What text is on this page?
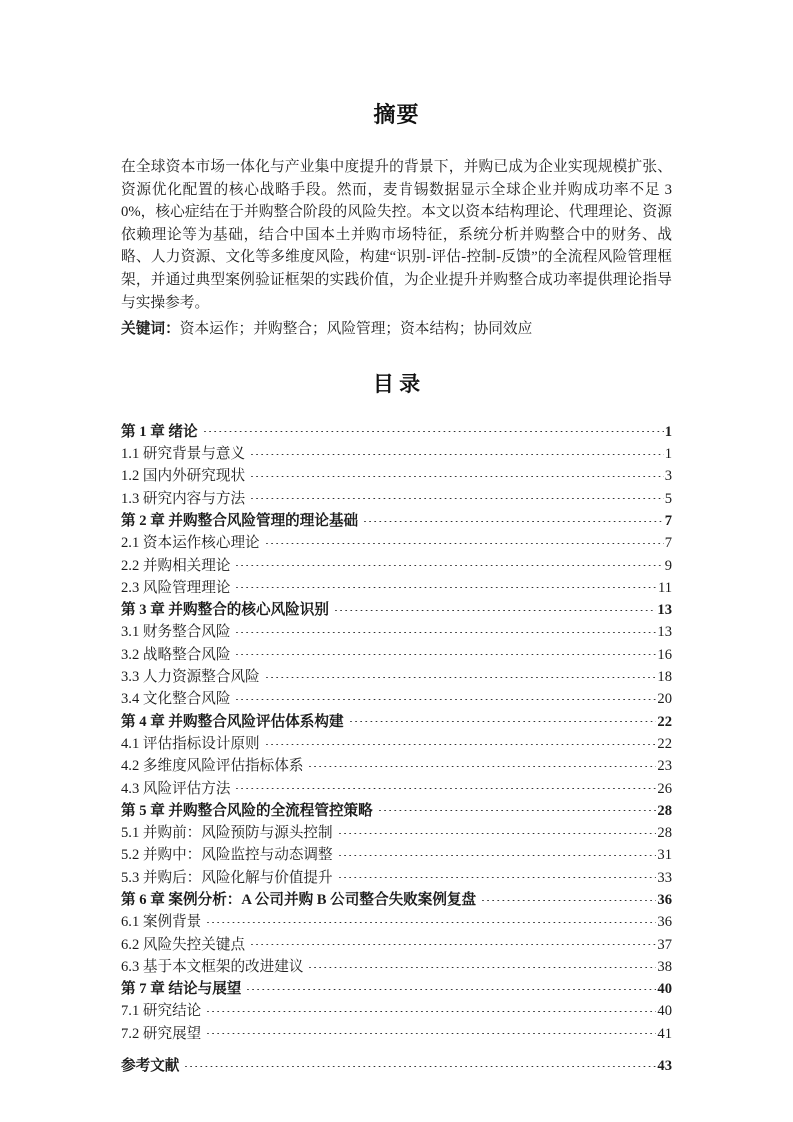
摘要

在全球资本市场一体化与产业集中度提升的背景下，并购已成为企业实现规模扩张、资源优化配置的核心战略手段。然而，麦肯锡数据显示全球企业并购成功率不足 30%，核心症结在于并购整合阶段的风险失控。本文以资本结构理论、代理理论、资源依赖理论等为基础，结合中国本土并购市场特征，系统分析并购整合中的财务、战略、人力资源、文化等多维度风险，构建“识别-评估-控制-反馈”的全流程风险管理框架，并通过典型案例验证框架的实践价值，为企业提升并购整合成功率提供理论指导与实操参考。

关键词：资本运作；并购整合；风险管理；资本结构；协同效应

目 录
第 1 章 绪论	1
1.1 研究背景与意义	1
1.2 国内外研究现状	3
1.3 研究内容与方法	5
第 2 章 并购整合风险管理的理论基础	7
2.1 资本运作核心理论	7
2.2 并购相关理论	9
2.3 风险管理理论	11
第 3 章 并购整合的核心风险识别	13
3.1 财务整合风险	13
3.2 战略整合风险	16
3.3 人力资源整合风险	18
3.4 文化整合风险	20
第 4 章 并购整合风险评估体系构建	22
4.1 评估指标设计原则	22
4.2 多维度风险评估指标体系	23
4.3 风险评估方法	26
第 5 章 并购整合风险的全流程管控策略	28
5.1 并购前：风险预防与源头控制	28
5.2 并购中：风险监控与动态调整	31
5.3 并购后：风险化解与价值提升	33
第 6 章 案例分析：A 公司并购 B 公司整合失败案例复盘	36
6.1 案例背景	36
6.2 风险失控关键点	37
6.3 基于本文框架的改进建议	38
第 7 章 结论与展望	40
7.1 研究结论	40
7.2 研究展望	41
参考文献	43
